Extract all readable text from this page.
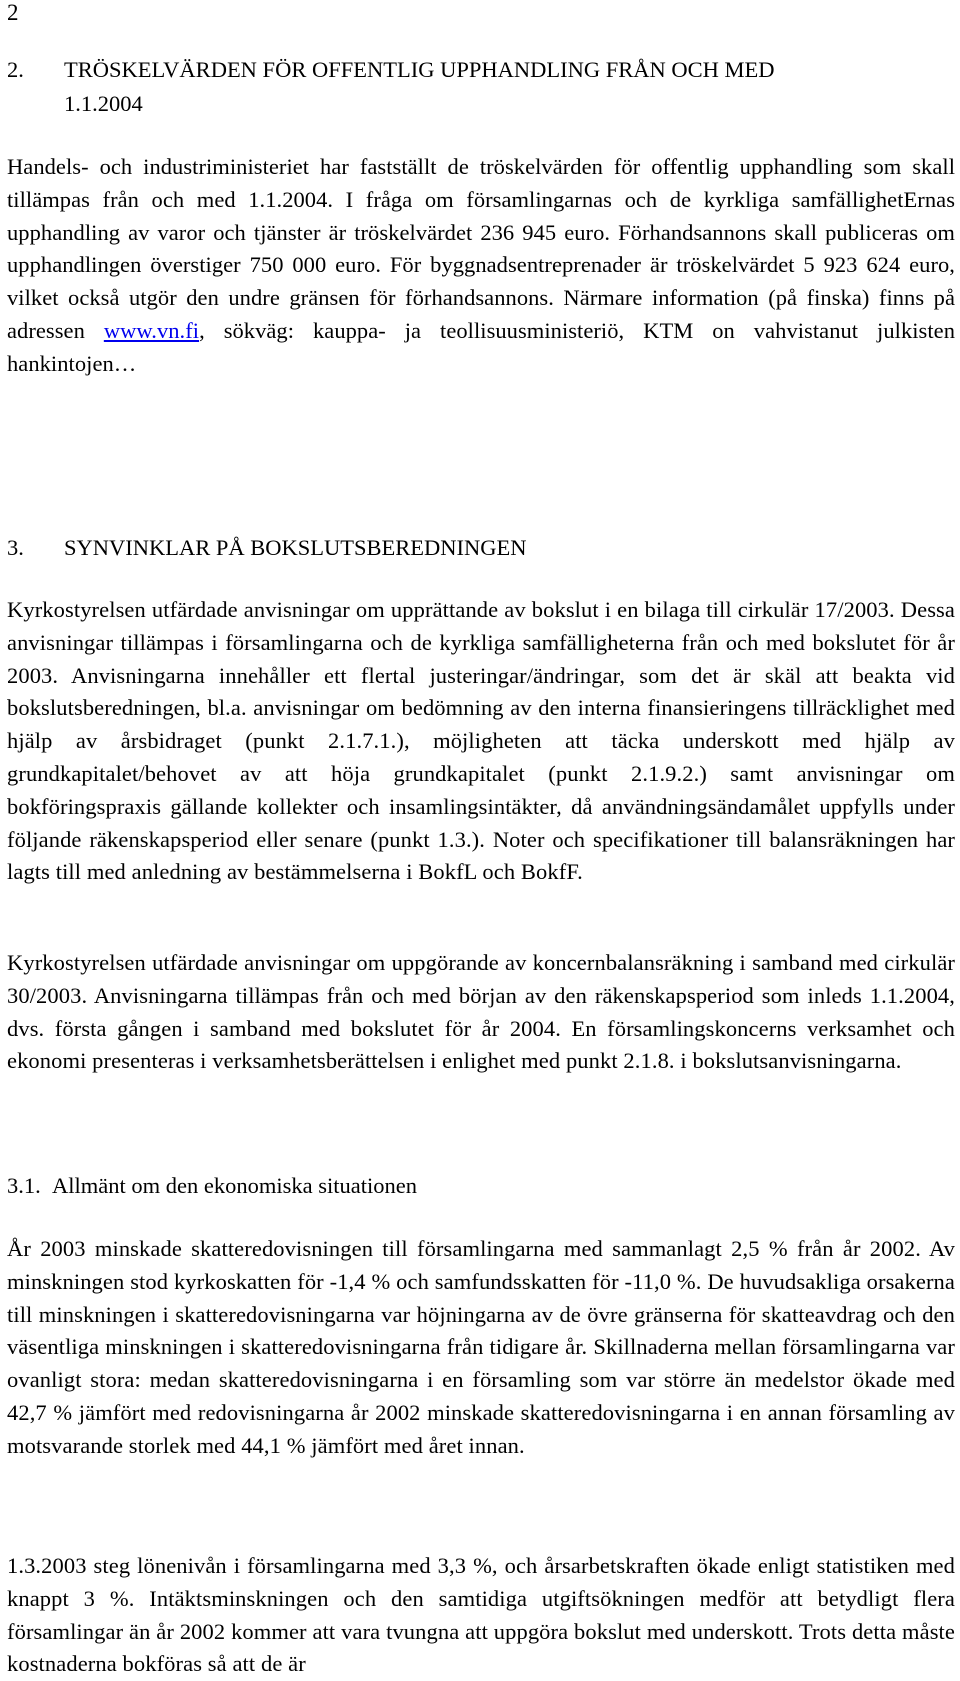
2
2. TRÖSKELVÄRDEN FÖR OFFENTLIG UPPHANDLING FRÅN OCH MED
1.1.2004
Handels- och industriministeriet har fastställt de tröskelvärden för offentlig upphandling som skall tillämpas från och med 1.1.2004. I fråga om församlingarnas och de kyrkliga samfällighetErnas upphandling av varor och tjänster är tröskelvärdet 236 945 euro. Förhandsannons skall publiceras om upphandlingen överstiger 750 000 euro. För byggnadsentreprenader är tröskelvärdet 5 923 624 euro, vilket också utgör den undre gränsen för förhandsannons. Närmare information (på finska) finns på adressen www.vn.fi, sökväg: kauppa- ja teollisuusministeriö, KTM on vahvistanut julkisten hankintojen…
3. SYNVINKLAR PÅ BOKSLUTSBEREDNINGEN
Kyrkostyrelsen utfärdade anvisningar om upprättande av bokslut i en bilaga till cirkulär 17/2003. Dessa anvisningar tillämpas i församlingarna och de kyrkliga samfälligheterna från och med bokslutet för år 2003. Anvisningarna innehåller ett flertal justeringar/ändringar, som det är skäl att beakta vid bokslutsberedningen, bl.a. anvisningar om bedömning av den interna finansieringens tillräcklighet med hjälp av årsbidraget (punkt 2.1.7.1.), möjligheten att täcka underskott med hjälp av grundkapitalet/behovet av att höja grundkapitalet (punkt 2.1.9.2.) samt anvisningar om bokföringspraxis gällande kollekter och insamlingsintäkter, då användningsändamålet uppfylls under följande räkenskapsperiod eller senare (punkt 1.3.). Noter och specifikationer till balansräkningen har lagts till med anledning av bestämmelserna i BokfL och BokfF.
Kyrkostyrelsen utfärdade anvisningar om uppgörande av koncernbalansräkning i samband med cirkulär 30/2003. Anvisningarna tillämpas från och med början av den räkenskapsperiod som inleds 1.1.2004, dvs. första gången i samband med bokslutet för år 2004. En församlingskoncerns verksamhet och ekonomi presenteras i verksamhetsberättelsen i enlighet med punkt 2.1.8. i bokslutsanvisningarna.
3.1. Allmänt om den ekonomiska situationen
År 2003 minskade skatteredovisningen till församlingarna med sammanlagt 2,5 % från år 2002. Av minskningen stod kyrkoskatten för -1,4 % och samfundsskatten för -11,0 %. De huvudsakliga orsakerna till minskningen i skatteredovisningarna var höjningarna av de övre gränserna för skatteavdrag och den väsentliga minskningen i skatteredovisningarna från tidigare år. Skillnaderna mellan församlingarna var ovanligt stora: medan skatteredovisningarna i en församling som var större än medelstor ökade med 42,7 % jämfört med redovisningarna år 2002 minskade skatteredovisningarna i en annan församling av motsvarande storlek med 44,1 % jämfört med året innan.
1.3.2003 steg lönenivån i församlingarna med 3,3 %, och årsarbetskraften ökade enligt statistiken med knappt 3 %. Intäktsminskningen och den samtidiga utgiftsökningen medför att betydligt flera församlingar än år 2002 kommer att vara tvungna att uppgöra bokslut med underskott. Trots detta måste kostnaderna bokföras så att de är
